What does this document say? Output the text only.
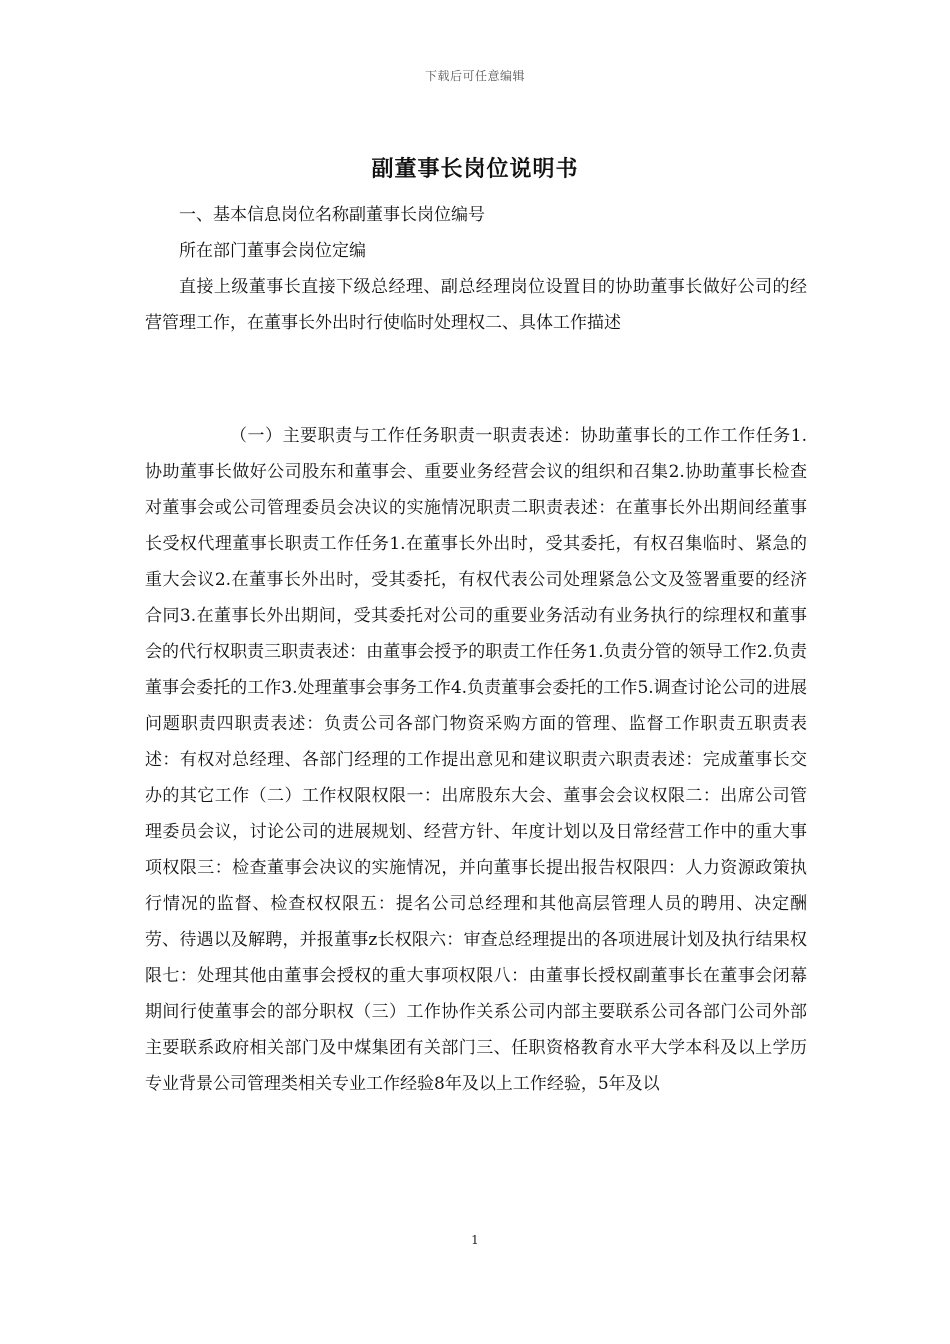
下载后可任意编辑
副董事长岗位说明书
一、基本信息岗位名称副董事长岗位编号
所在部门董事会岗位定编
直接上级董事长直接下级总经理、副总经理岗位设置目的协助董事长做好公司的经营管理工作，在董事长外出时行使临时处理权二、具体工作描述
（一）主要职责与工作任务职责一职责表述：协助董事长的工作工作任务1.协助董事长做好公司股东和董事会、重要业务经营会议的组织和召集2.协助董事长检查对董事会或公司管理委员会决议的实施情况职责二职责表述：在董事长外出期间经董事长受权代理董事长职责工作任务1.在董事长外出时，受其委托，有权召集临时、紧急的重大会议2.在董事长外出时，受其委托，有权代表公司处理紧急公文及签署重要的经济合同3.在董事长外出期间，受其委托对公司的重要业务活动有业务执行的综理权和董事会的代行权职责三职责表述：由董事会授予的职责工作任务1.负责分管的领导工作2.负责董事会委托的工作3.处理董事会事务工作4.负责董事会委托的工作5.调查讨论公司的进展问题职责四职责表述：负责公司各部门物资采购方面的管理、监督工作职责五职责表述：有权对总经理、各部门经理的工作提出意见和建议职责六职责表述：完成董事长交办的其它工作（二）工作权限权限一：出席股东大会、董事会会议权限二：出席公司管理委员会议，讨论公司的进展规划、经营方针、年度计划以及日常经营工作中的重大事项权限三：检查董事会决议的实施情况，并向董事长提出报告权限四：人力资源政策执行情况的监督、检查权权限五：提名公司总经理和其他高层管理人员的聘用、决定酬劳、待遇以及解聘，并报董事z长权限六：审查总经理提出的各项进展计划及执行结果权限七：处理其他由董事会授权的重大事项权限八：由董事长授权副董事长在董事会闭幕期间行使董事会的部分职权（三）工作协作关系公司内部主要联系公司各部门公司外部主要联系政府相关部门及中煤集团有关部门三、任职资格教育水平大学本科及以上学历专业背景公司管理类相关专业工作经验8年及以上工作经验，5年及以
1
